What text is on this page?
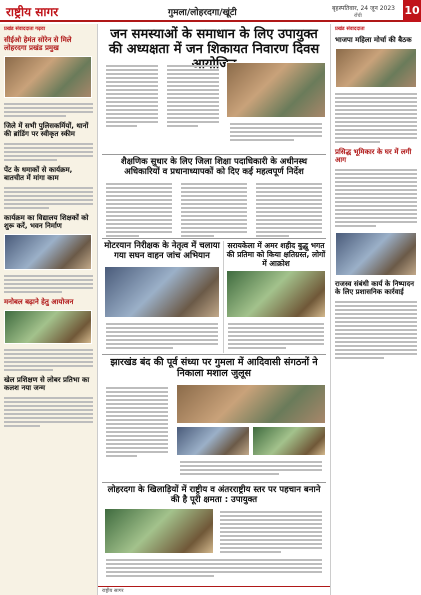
राष्ट्रीय सागर	गुमला/लोहरदगा/खूंटी	बृहस्पतिवार, 24 जून 2023
राँची	10
प्रखंड संवाददाता गढ़वा
सीईओ हेमंत सोरेन से मिले लोहरदगा प्रखंड प्रमुख
जिले में सभी पुलिसकर्मियों, थानों की ब्रांडिंग पर स्वीकृत स्कीम
पेंट के धमाकों से कार्यक्रम, बातचीत में मांगा काम
कार्यक्रम का विद्यालय शिक्षकों को शुरू करें, भवन निर्माण
मनोबल बढ़ाने हेतु आयोजन
खेल प्रशिक्षण से लोबर प्रतिभा का कलश नया जन्म
जन समस्याओं के समाधान के लिए उपायुक्त की अध्यक्षता में जन शिकायत निवारण दिवस
शैक्षणिक सुधार के लिए जिला शिक्षा पदाधिकारी के अधीनस्थ अधिकारियों व प्रधानाध्यापकों को दिए कई महत्वपूर्ण निर्देश
मोटरयान निरीक्षक के नेतृत्व में चलाया गया सघन वाहन जांच अभियान
सरायकेला में अमर शहीद बुद्धु भगत की प्रतिमा को किया क्षतिग्रस्त, लोगों में आक्रोश
झारखंड बंद की पूर्व संध्या पर गुमला में आदिवासी संगठनों ने निकाला मशाल जुलूस
लोहरदगा के खिलाड़ियों में राष्ट्रीय व अंतरराष्ट्रीय स्तर पर पहचान बनाने की है पूरी क्षमता : उपायुक्त
प्रखंड संवाददाता
भाजपा महिला मोर्चा की बैठक
प्रसिद्ध भूमिकार के घर में लगी आग
राजस्व संबंधी कार्य के निष्पादन के लिए प्रशासनिक कार्रवाई
राष्ट्रीय सागर
